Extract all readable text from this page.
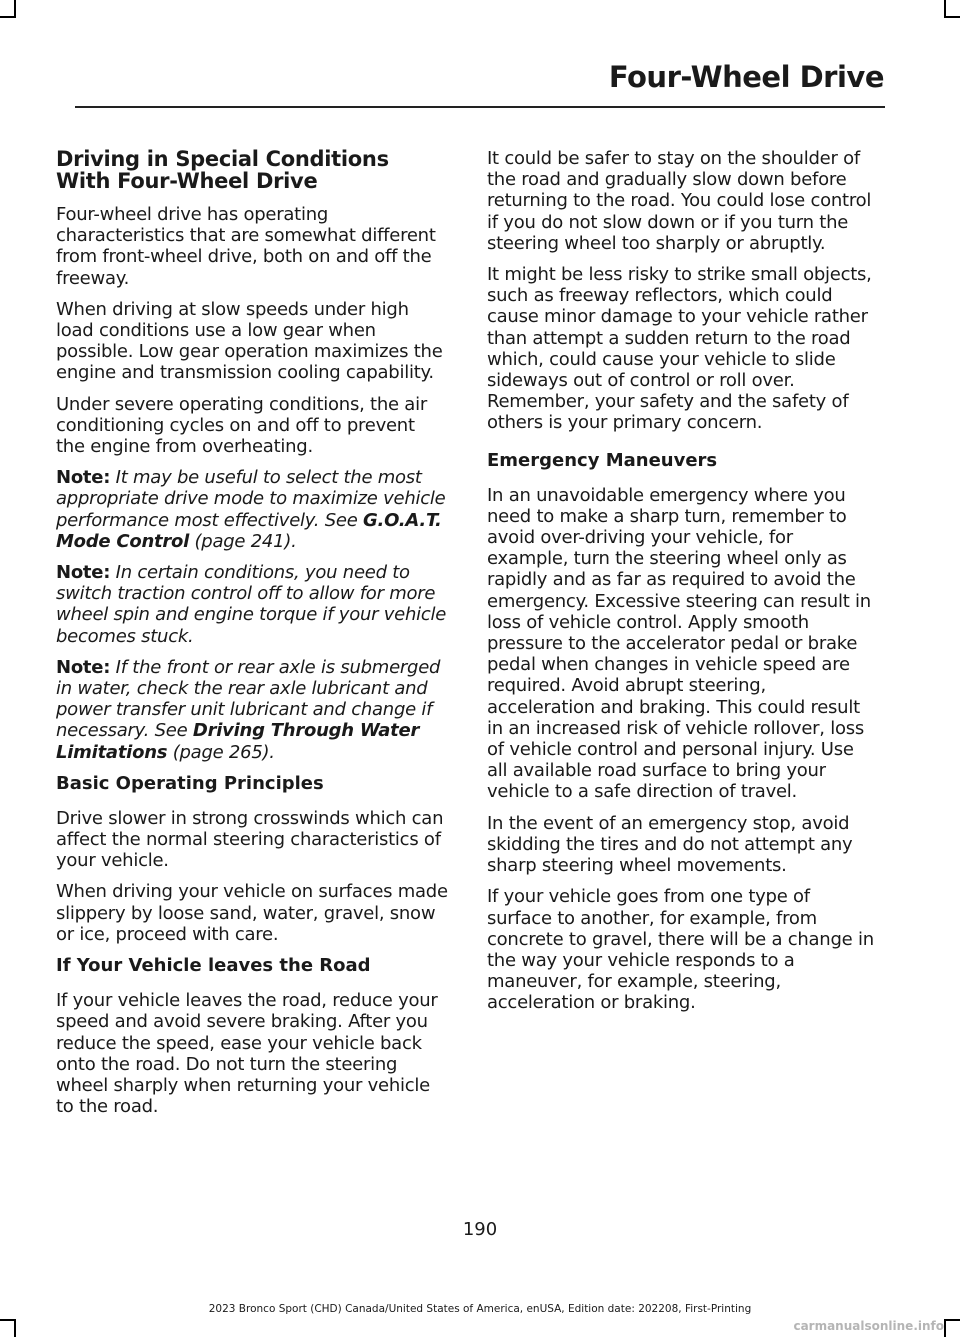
Four-Wheel Drive
Driving in Special Conditions With Four-Wheel Drive

Four-wheel drive has operating characteristics that are somewhat different from front-wheel drive, both on and off the freeway.

When driving at slow speeds under high load conditions use a low gear when possible. Low gear operation maximizes the engine and transmission cooling capability.

Under severe operating conditions, the air conditioning cycles on and off to prevent the engine from overheating.

Note: It may be useful to select the most appropriate drive mode to maximize vehicle performance most effectively. See G.O.A.T. Mode Control (page 241).

Note: In certain conditions, you need to switch traction control off to allow for more wheel spin and engine torque if your vehicle becomes stuck.

Note: If the front or rear axle is submerged in water, check the rear axle lubricant and power transfer unit lubricant and change if necessary. See Driving Through Water Limitations (page 265).

Basic Operating Principles

Drive slower in strong crosswinds which can affect the normal steering characteristics of your vehicle.

When driving your vehicle on surfaces made slippery by loose sand, water, gravel, snow or ice, proceed with care.

If Your Vehicle leaves the Road

If your vehicle leaves the road, reduce your speed and avoid severe braking. After you reduce the speed, ease your vehicle back onto the road. Do not turn the steering wheel sharply when returning your vehicle to the road.

It could be safer to stay on the shoulder of the road and gradually slow down before returning to the road. You could lose control if you do not slow down or if you turn the steering wheel too sharply or abruptly.

It might be less risky to strike small objects, such as freeway reflectors, which could cause minor damage to your vehicle rather than attempt a sudden return to the road which, could cause your vehicle to slide sideways out of control or roll over. Remember, your safety and the safety of others is your primary concern.

Emergency Maneuvers

In an unavoidable emergency where you need to make a sharp turn, remember to avoid over-driving your vehicle, for example, turn the steering wheel only as rapidly and as far as required to avoid the emergency. Excessive steering can result in loss of vehicle control. Apply smooth pressure to the accelerator pedal or brake pedal when changes in vehicle speed are required. Avoid abrupt steering, acceleration and braking. This could result in an increased risk of vehicle rollover, loss of vehicle control and personal injury. Use all available road surface to bring your vehicle to a safe direction of travel.

In the event of an emergency stop, avoid skidding the tires and do not attempt any sharp steering wheel movements.

If your vehicle goes from one type of surface to another, for example, from concrete to gravel, there will be a change in the way your vehicle responds to a maneuver, for example, steering, acceleration or braking.

190
2023 Bronco Sport (CHD) Canada/United States of America, enUSA, Edition date: 202208, First-Printing
carmanualsonline.info
